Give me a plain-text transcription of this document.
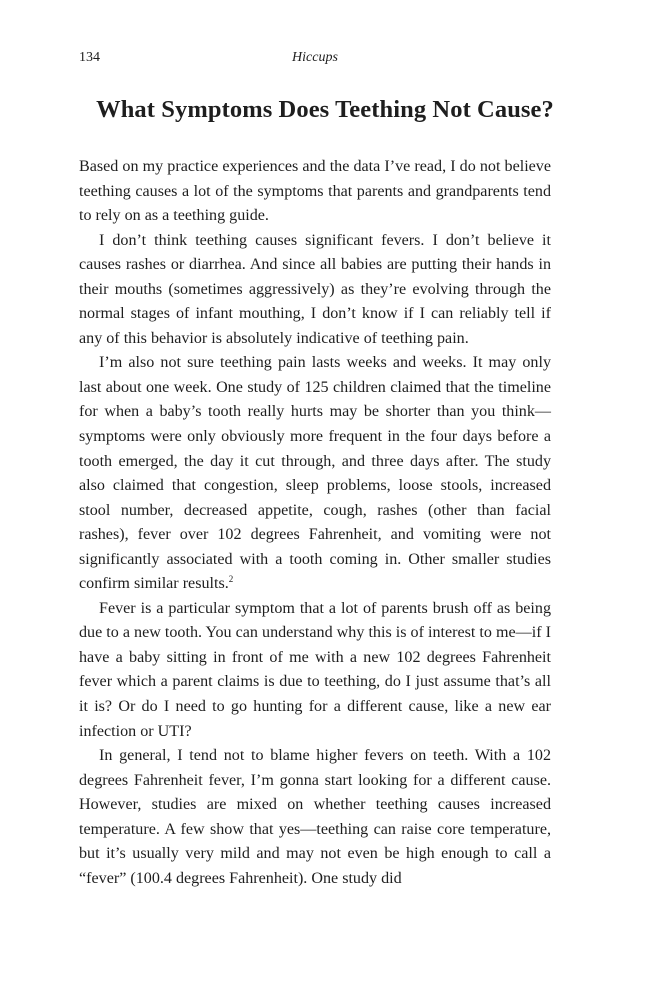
134	Hiccups
What Symptoms Does Teething Not Cause?

Based on my practice experiences and the data I’ve read, I do not believe teething causes a lot of the symptoms that parents and grandparents tend to rely on as a teething guide.

I don’t think teething causes significant fevers. I don’t believe it causes rashes or diarrhea. And since all babies are putting their hands in their mouths (sometimes aggressively) as they’re evolving through the normal stages of infant mouthing, I don’t know if I can reliably tell if any of this behavior is absolutely indicative of teething pain.

I’m also not sure teething pain lasts weeks and weeks. It may only last about one week. One study of 125 children claimed that the timeline for when a baby’s tooth really hurts may be shorter than you think—symptoms were only obviously more frequent in the four days before a tooth emerged, the day it cut through, and three days after. The study also claimed that congestion, sleep problems, loose stools, increased stool number, decreased appetite, cough, rashes (other than facial rashes), fever over 102 degrees Fahrenheit, and vomiting were not significantly associated with a tooth coming in. Other smaller studies confirm similar results.$^2$

Fever is a particular symptom that a lot of parents brush off as being due to a new tooth. You can understand why this is of interest to me—if I have a baby sitting in front of me with a new 102 degrees Fahrenheit fever which a parent claims is due to teething, do I just assume that’s all it is? Or do I need to go hunting for a different cause, like a new ear infection or UTI?

In general, I tend not to blame higher fevers on teeth. With a 102 degrees Fahrenheit fever, I’m gonna start looking for a different cause. However, studies are mixed on whether teething causes increased temperature. A few show that yes—teething can raise core temperature, but it’s usually very mild and may not even be high enough to call a “fever” (100.4 degrees Fahrenheit). One study did
